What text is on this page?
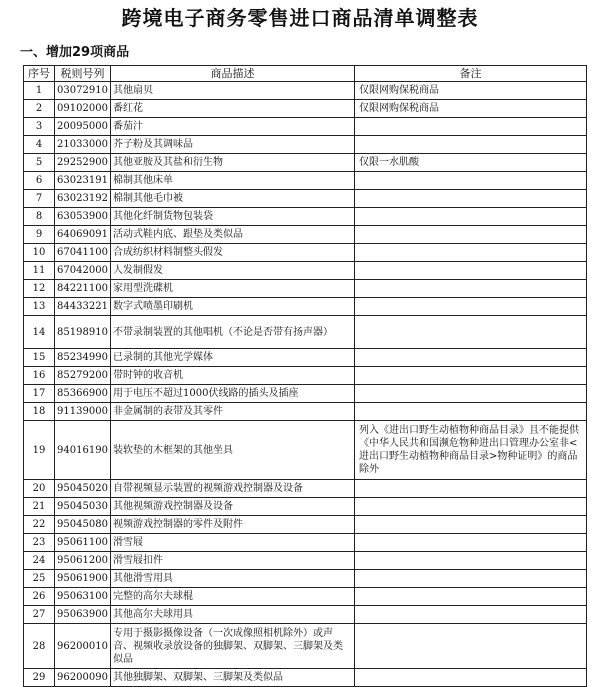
跨境电子商务零售进口商品清单调整表
一、增加29项商品
序号	税则号列	商品描述	备注
1	03072910	其他扇贝	仅限网购保税商品
2	09102000	番红花	仅限网购保税商品
3	20095000	番茄汁	
4	21033000	芥子粉及其调味品	
5	29252900	其他亚胺及其盐和衍生物	仅限一水肌酸
6	63023191	棉制其他床单	
7	63023192	棉制其他毛巾被	
8	63053900	其他化纤制货物包装袋	
9	64069091	活动式鞋内底、跟垫及类似品	
10	67041100	合成纺织材料制整头假发	
11	67042000	人发制假发	
12	84221100	家用型洗碟机	
13	84433221	数字式喷墨印刷机	
14	85198910	不带录制装置的其他唱机（不论是否带有扬声器）	
15	85234990	已录制的其他光学媒体	
16	85279200	带时钟的收音机	
17	85366900	用于电压不超过1000伏线路的插头及插座	
18	91139000	非金属制的表带及其零件	
19	94016190	装软垫的木框架的其他坐具	列入《进出口野生动植物种商品目录》且不能提供《中华人民共和国濒危物种进出口管理办公室非<进出口野生动植物种商品目录>物种证明》的商品除外
20	95045020	自带视频显示装置的视频游戏控制器及设备	
21	95045030	其他视频游戏控制器及设备	
22	95045080	视频游戏控制器的零件及附件	
23	95061100	滑雪屐	
24	95061200	滑雪屐扣件	
25	95061900	其他滑雪用具	
26	95063100	完整的高尔夫球棍	
27	95063900	其他高尔夫球用具	
28	96200010	专用于摄影摄像设备（一次成像照相机除外）或声音、视频收录放设备的独脚架、双脚架、三脚架及类似品	
29	96200090	其他独脚架、双脚架、三脚架及类似品	
